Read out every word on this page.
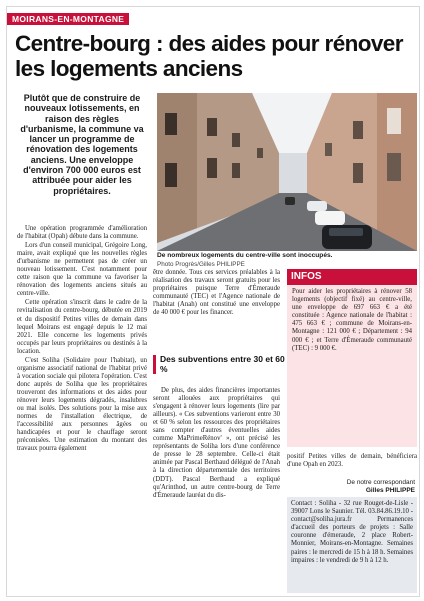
MOIRANS-EN-MONTAGNE
Centre-bourg : des aides pour rénover les logements anciens
Plutôt que de construire de nouveaux lotissements, en raison des règles d'urbanisme, la commune va lancer un programme de rénovation des logements anciens. Une enveloppe d'environ 700 000 euros est attribuée pour aider les propriétaires.
De nombreux logements du centre-ville sont inoccupés.
Photo Progrès/Gilles PHILIPPE

Une opération programmée d'amélioration de l'habitat (Opah) débute dans la commune.

Lors d'un conseil municipal, Grégoire Long, maire, avait expliqué que les nouvelles règles d'urbanisme ne permettent pas de créer un nouveau lotissement. C'est notamment pour cette raison que la commune va favoriser la rénovation des logements anciens situés au centre-ville.

Cette opération s'inscrit dans le cadre de la revitalisation du centre-bourg, débutée en 2019 et du dispositif Petites villes de demain dans lequel Moirans est engagé depuis le 12 mai 2021. Elle concerne les logements privés occupés par leurs propriétaires ou destinés à la location.

C'est Soliha (Solidaire pour l'habitat), un organisme associatif national de l'habitat privé à vocation sociale qui pilotera l'opération. C'est donc auprès de Soliha que les propriétaires trouveront des informations et des aides pour rénover leurs logements dégradés, insalubres ou mal isolés. Des solutions pour la mise aux normes de l'installation électrique, de l'accessibilité aux personnes âgées ou handicapées et pour le chauffage seront préconisées. Une estimation du montant des travaux pourra également

être donnée. Tous ces services préalables à la réalisation des travaux seront gratuits pour les propriétaires puisque Terre d'Émeraude communauté (TEC) et l'Agence nationale de l'habitat (Anah) ont constitué une enveloppe de 40 000 € pour les financer.

De plus, des aides financières importantes seront allouées aux propriétaires qui s'engagent à rénover leurs logements (lire par ailleurs). « Ces subventions varieront entre 30 et 60 % selon les ressources des propriétaires sans compter d'autres éventuelles aides comme MaPrimeRénov' », ont précisé les représentants de Soliha lors d'une conférence de presse le 28 septembre. Celle-ci était animée par Pascal Berthaud délégué de l'Anah à la direction départementale des territoires (DDT). Pascal Berthaud a expliqué qu'Arinthod, un autre centre-bourg de Terre d'Émeraude lauréat du dis-

Des subventions entre 30 et 60 %
INFOS
Pour aider les propriétaires à rénover 58 logements (objectif fixé) au centre-ville, une enveloppe de 697 663 € a été constituée : Agence nationale de l'habitat : 475 663 € ; commune de Moirans-en-Montagne : 121 000 € ; Département : 94 000 € ; et Terre d'Émeraude communauté (TEC) : 9 000 €.
positif Petites villes de demain, bénéficiera d'une Opah en 2023.
De notre correspondant
Gilles PHILIPPE
Contact : Soliha - 32 rue Rouget-de-Lisle - 39007 Lons le Saunier. Tél. 03.84.86.19.10 - contact@soliha.jura.fr Permanences d'accueil des porteurs de projets : Salle couronne d'émeraude, 2 place Robert-Monnier, Moirans-en-Montagne. Semaines paires : le mercredi de 15 h à 18 h. Semaines impaires : le vendredi de 9 h à 12 h.
